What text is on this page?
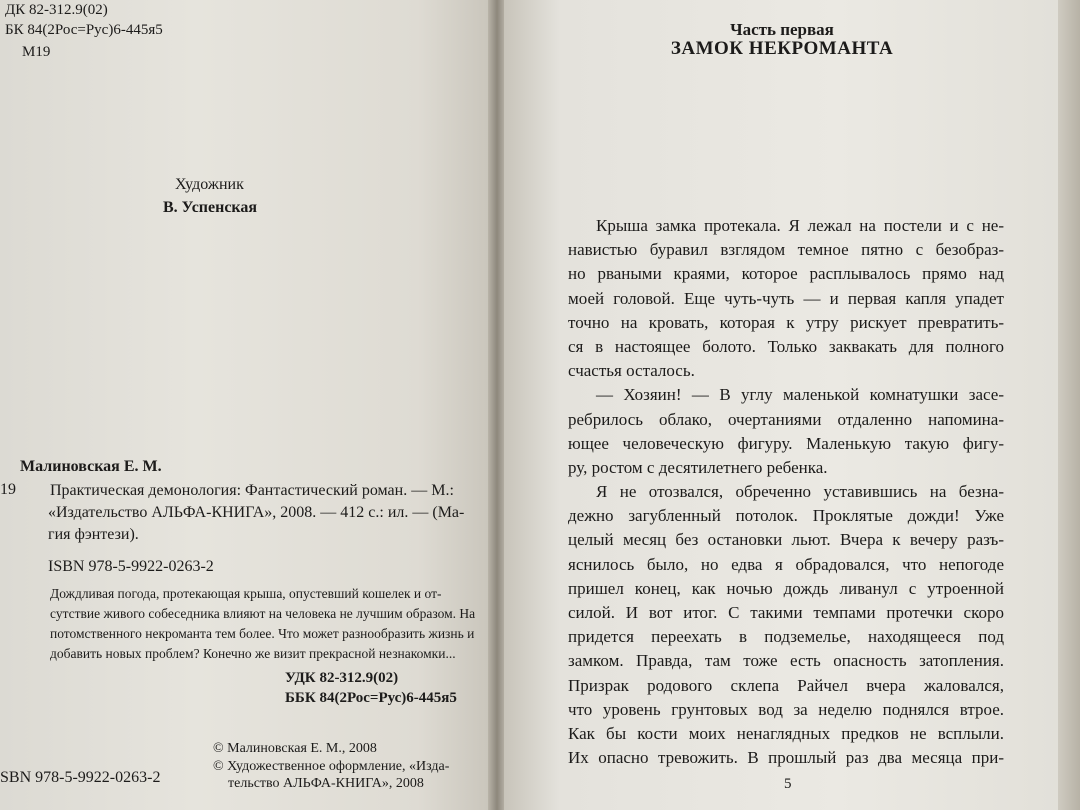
ДК 82-312.9(02)
БК 84(2Рос=Рус)6-445я5
М19
Художник
В. Успенская
Малиновская Е. М.
19 Практическая демонология: Фантастический роман. — М.:
«Издательство АЛЬФА-КНИГА», 2008. — 412 с.: ил. — (Ма-
гия фэнтези).
ISBN 978-5-9922-0263-2
Дождливая погода, протекающая крыша, опустевший кошелек и от-
сутствие живого собеседника влияют на человека не лучшим образом. На
потомственного некроманта тем более. Что может разнообразить жизнь и
добавить новых проблем? Конечно же визит прекрасной незнакомки...
УДК 82-312.9(02)
ББК 84(2Рос=Рус)6-445я5
© Малиновская Е. М., 2008
© Художественное оформление, «Изда-
тельство АЛЬФА-КНИГА», 2008
SBN 978-5-9922-0263-2
Часть первая
ЗАМОК НЕКРОМАНТА
Крыша замка протекала. Я лежал на постели и с не-
навистью буравил взглядом темное пятно с безобраз-
но рваными краями, которое расплывалось прямо над
моей головой. Еще чуть-чуть — и первая капля упадет
точно на кровать, которая к утру рискует превратить-
ся в настоящее болото. Только заквакать для полного
счастья осталось.
— Хозяин! — В углу маленькой комнатушки засе-
ребрилось облако, очертаниями отдаленно напомина-
ющее человеческую фигуру. Маленькую такую фигу-
ру, ростом с десятилетнего ребенка.
Я не отозвался, обреченно уставившись на безна-
дежно загубленный потолок. Проклятые дожди! Уже
целый месяц без остановки льют. Вчера к вечеру разъ-
яснилось было, но едва я обрадовался, что непогоде
пришел конец, как ночью дождь ливанул с утроенной
силой. И вот итог. С такими темпами протечки скоро
придется переехать в подземелье, находящееся под
замком. Правда, там тоже есть опасность затопления.
Призрак родового склепа Райчел вчера жаловался,
что уровень грунтовых вод за неделю поднялся втрое.
Как бы кости моих ненаглядных предков не всплыли.
Их опасно тревожить. В прошлый раз два месяца при-
5
